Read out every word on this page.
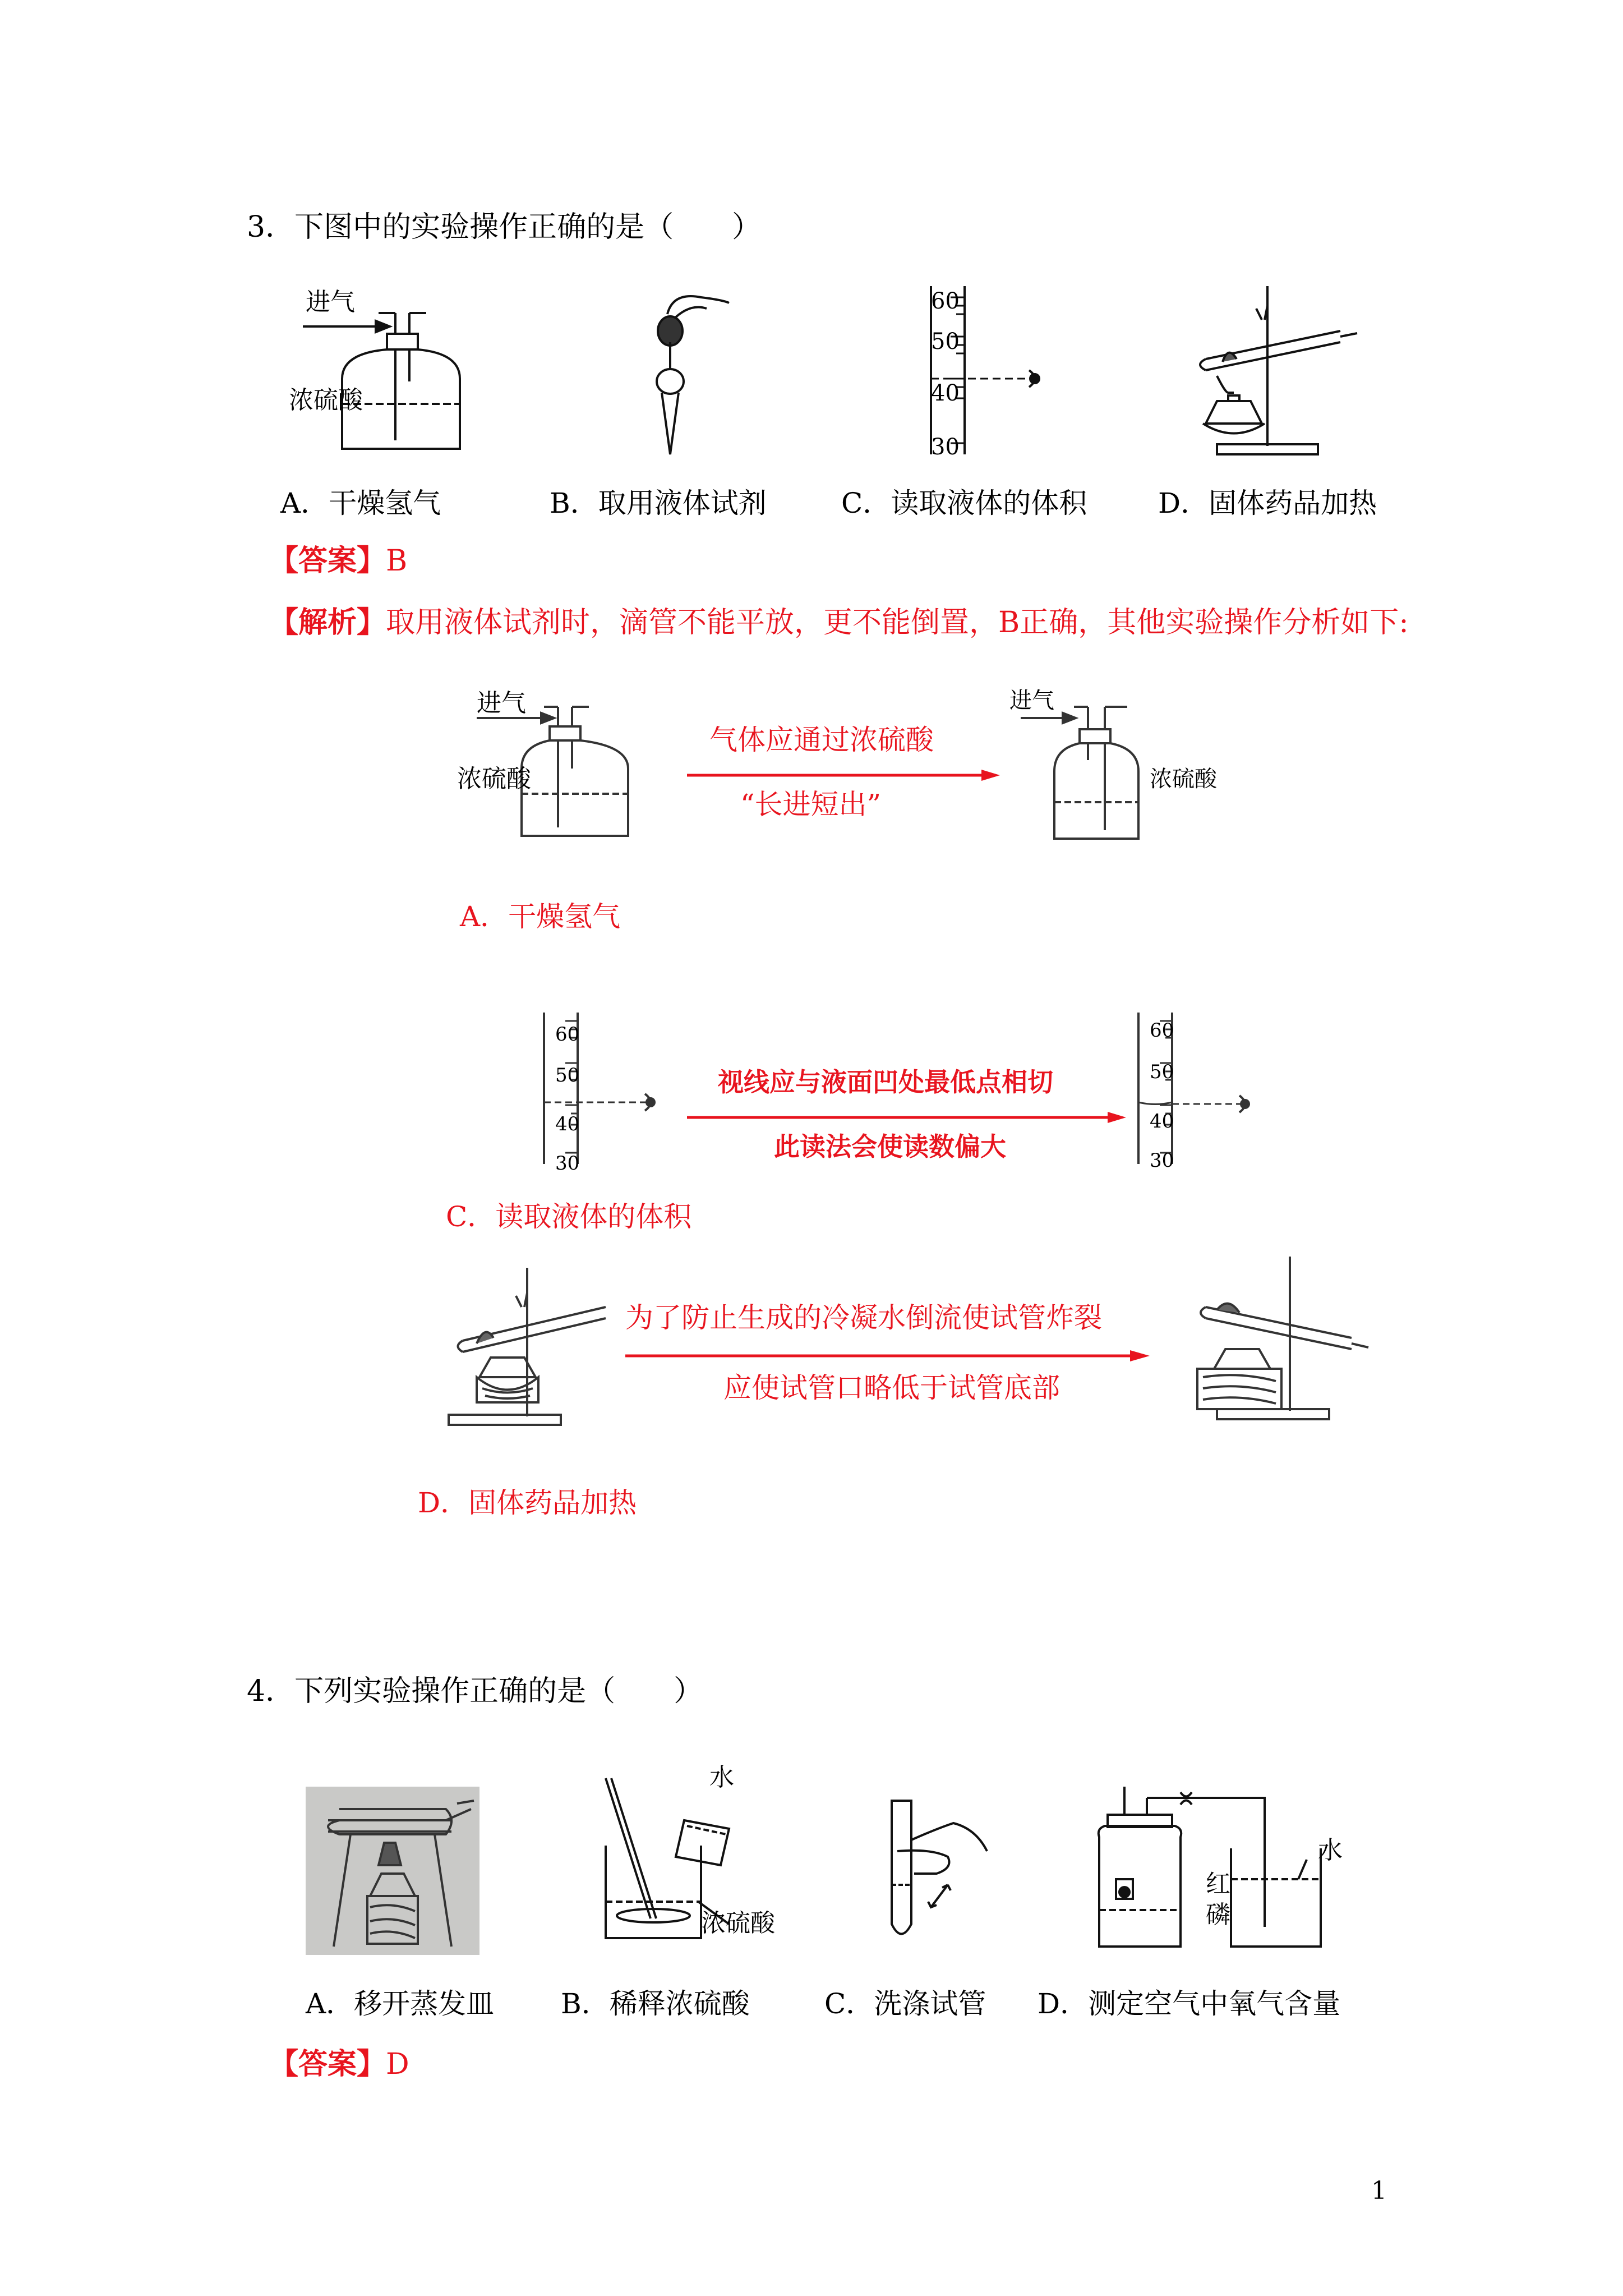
3．下图中的实验操作正确的是（　　）
进气
浓硫酸
60
50
40
30
A．干燥氢气	B．取用液体试剂	C．读取液体的体积	D．固体药品加热
【答案】B
【解析】取用液体试剂时，滴管不能平放，更不能倒置，B正确，其他实验操作分析如下:
进气
浓硫酸
气体应通过浓硫酸
“长进短出”
进气
浓硫酸
A．干燥氢气
60
50
40
30
视线应与液面凹处最低点相切
此读法会使读数偏大
60
50
40
30
C．读取液体的体积
为了防止生成的冷凝水倒流使试管炸裂
应使试管口略低于试管底部
D．固体药品加热
4．下列实验操作正确的是（　　）
水
浓硫酸
水
红
磷
A．移开蒸发皿 B．稀释浓硫酸	C．洗涤试管 D．测定空气中氧气含量
【答案】D
1
